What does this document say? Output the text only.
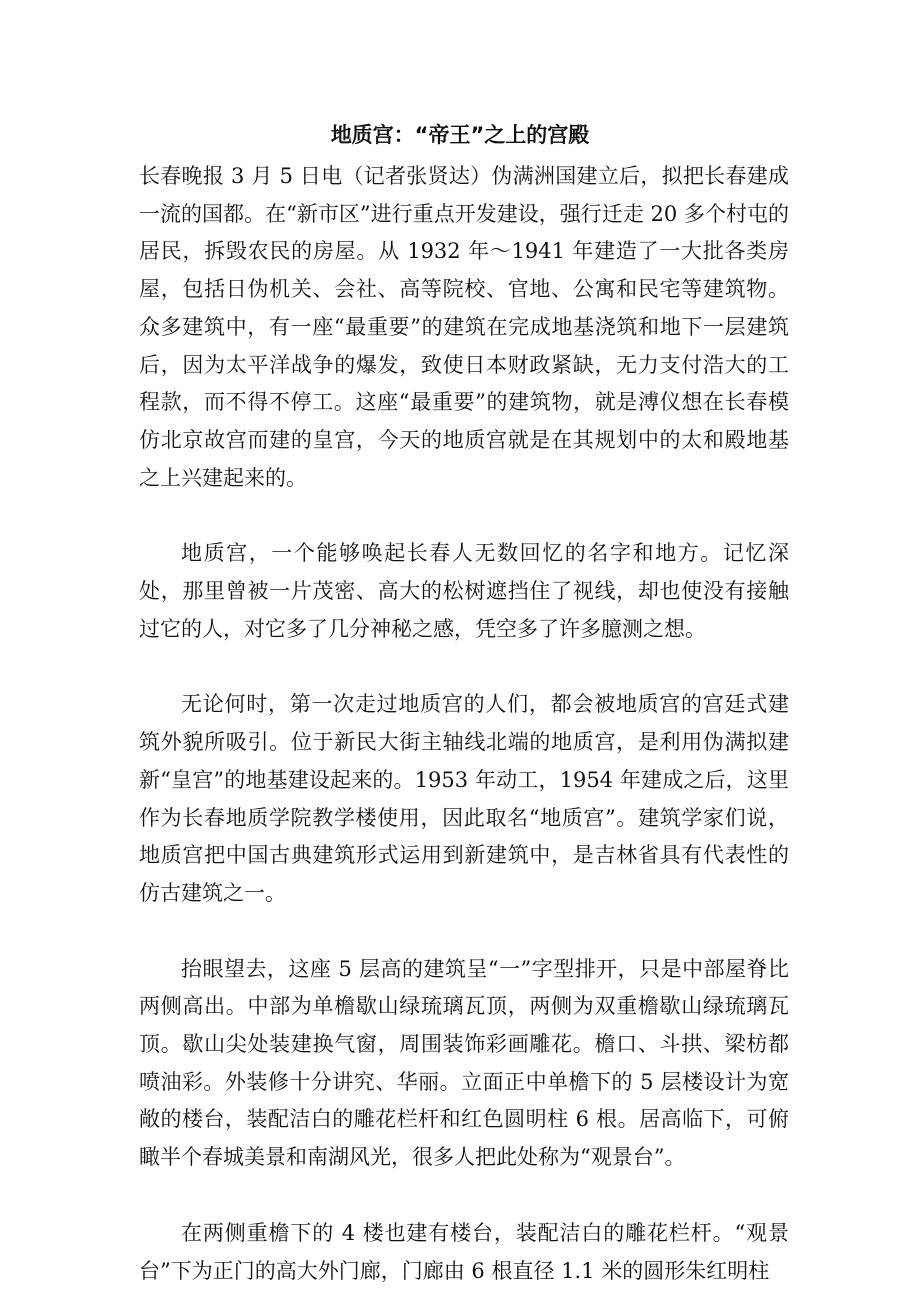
地质宫：“帝王”之上的宫殿

长春晚报 3 月 5 日电（记者张贤达）伪满洲国建立后，拟把长春建成一流的国都。在“新市区”进行重点开发建设，强行迁走 20 多个村屯的居民，拆毁农民的房屋。从 1932 年～1941 年建造了一大批各类房屋，包括日伪机关、会社、高等院校、官地、公寓和民宅等建筑物。众多建筑中，有一座“最重要”的建筑在完成地基浇筑和地下一层建筑后，因为太平洋战争的爆发，致使日本财政紧缺，无力支付浩大的工程款，而不得不停工。这座“最重要”的建筑物，就是溥仪想在长春模仿北京故宫而建的皇宫，今天的地质宫就是在其规划中的太和殿地基之上兴建起来的。

地质宫，一个能够唤起长春人无数回忆的名字和地方。记忆深处，那里曾被一片茂密、高大的松树遮挡住了视线，却也使没有接触过它的人，对它多了几分神秘之感，凭空多了许多臆测之想。

无论何时，第一次走过地质宫的人们，都会被地质宫的宫廷式建筑外貌所吸引。位于新民大街主轴线北端的地质宫，是利用伪满拟建新“皇宫”的地基建设起来的。1953 年动工，1954 年建成之后，这里作为长春地质学院教学楼使用，因此取名“地质宫”。建筑学家们说，地质宫把中国古典建筑形式运用到新建筑中，是吉林省具有代表性的仿古建筑之一。

抬眼望去，这座 5 层高的建筑呈“一”字型排开，只是中部屋脊比两侧高出。中部为单檐歇山绿琉璃瓦顶，两侧为双重檐歇山绿琉璃瓦顶。歇山尖处装建换气窗，周围装饰彩画雕花。檐口、斗拱、梁枋都喷油彩。外装修十分讲究、华丽。立面正中单檐下的 5 层楼设计为宽敞的楼台，装配洁白的雕花栏杆和红色圆明柱 6 根。居高临下，可俯瞰半个春城美景和南湖风光，很多人把此处称为“观景台”。

在两侧重檐下的 4 楼也建有楼台，装配洁白的雕花栏杆。“观景台”下为正门的高大外门廊，门廊由 6 根直径 1.1 米的圆形朱红明柱
